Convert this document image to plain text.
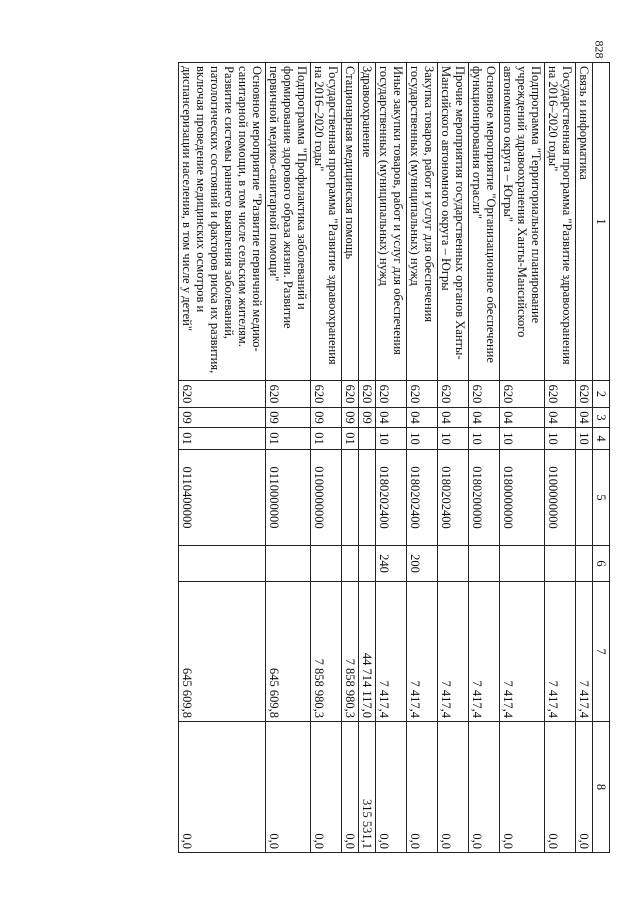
828
1	2	3	4	5	6	7	8
Связь и информатика	620	04	10			7 417,4	0,0
Государственная программа "Развитие здравоохранения на 2016–2020 годы"	620	04	10	0100000000		7 417,4	0,0
Подпрограмма "Территориальное планирование учреждений здравоохранения Ханты-Мансийского автономного округа – Югры"	620	04	10	0180000000		7 417,4	0,0
Основное мероприятие "Организационное обеспечение функционирования отрасли"	620	04	10	0180200000		7 417,4	0,0
Прочие мероприятия государственных органов Ханты-Мансийского автономного округа – Югры	620	04	10	0180202400		7 417,4	0,0
Закупка товаров, работ и услуг для обеспечения государственных (муниципальных) нужд	620	04	10	0180202400	200	7 417,4	0,0
Иные закупки товаров, работ и услуг для обеспечения государственных (муниципальных) нужд	620	04	10	0180202400	240	7 417,4	0,0
Здравоохранение	620	09				44 714 117,0	315 531,1
Стационарная медицинская помощь	620	09	01			7 858 980,3	0,0
Государственная программа "Развитие здравоохранения на 2016–2020 годы"	620	09	01	0100000000		7 858 980,3	0,0
Подпрограмма "Профилактика заболеваний и формирование здорового образа жизни. Развитие первичной медико-санитарной помощи"	620	09	01	0110000000		645 609,8	0,0
Основное мероприятие "Развитие первичной медико-санитарной помощи, в том числе сельским жителям. Развитие системы раннего выявления заболеваний, патологических состояний и факторов риска их развития, включая проведение медицинских осмотров и диспансеризации населения, в том числе у детей"	620	09	01	0110400000		645 609,8	0,0
